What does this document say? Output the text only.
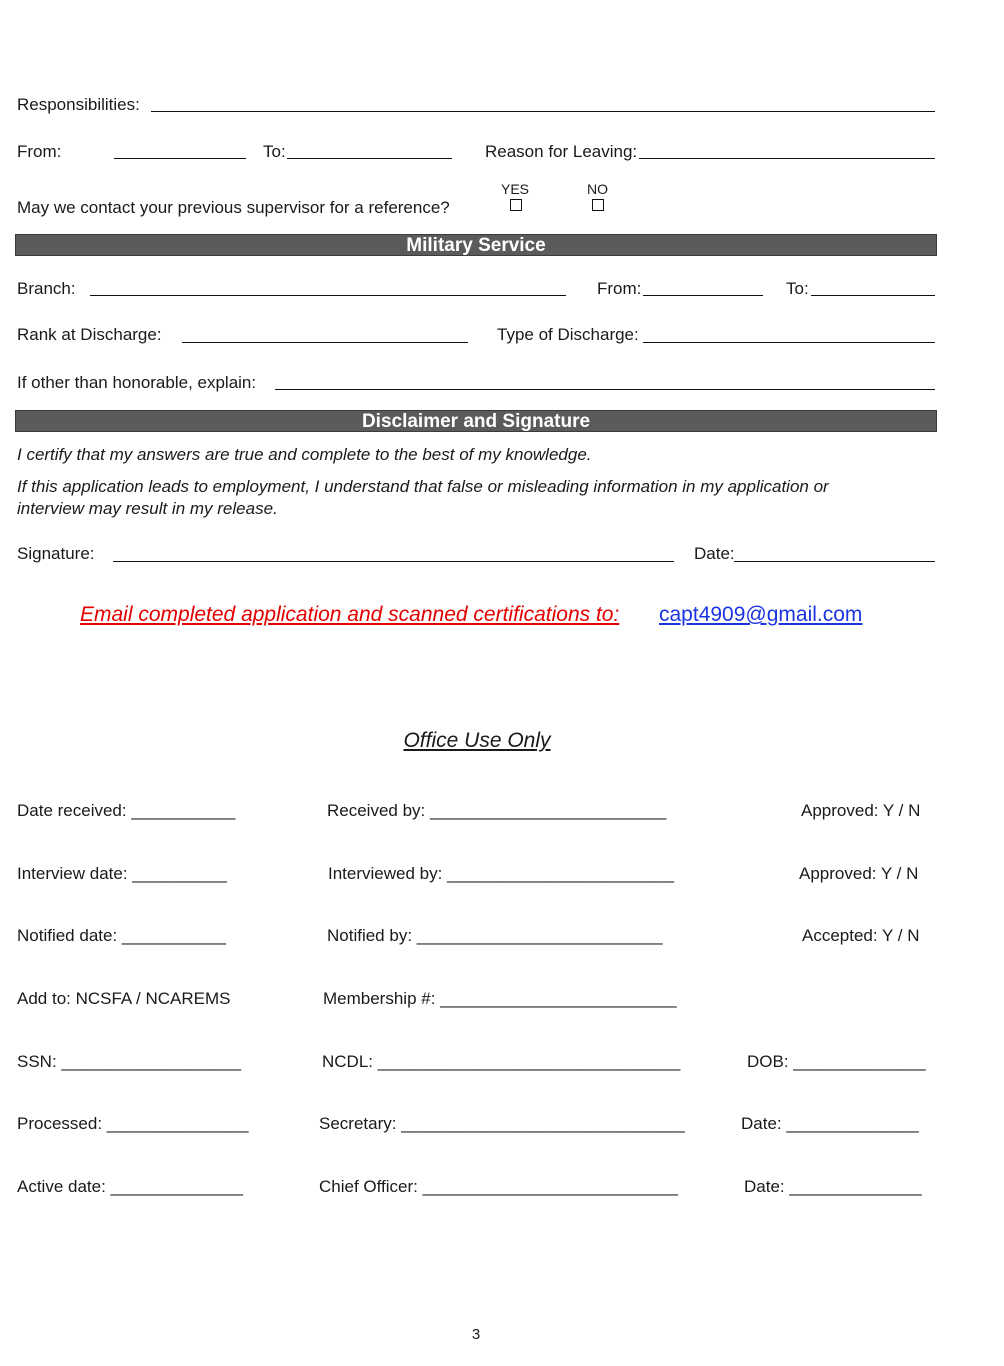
Responsibilities:
From:	To:	Reason for Leaving:
May we contact your previous supervisor for a reference?
YES	NO
Military Service
Branch:	From:	To:
Rank at Discharge:	Type of Discharge:
If other than honorable, explain:
Disclaimer and Signature
I certify that my answers are true and complete to the best of my knowledge.
If this application leads to employment, I understand that false or misleading information in my application or
interview may result in my release.
Signature:	Date:
Email completed application and scanned certifications to: capt4909@gmail.com
Office Use Only
Date received: ___________	Received by: _________________________	Approved: Y / N
Interview date: __________	Interviewed by: ________________________	Approved: Y / N
Notified date: ___________	Notified by: __________________________	Accepted: Y / N
Add to: NCSFA / NCAREMS	Membership #: _________________________
SSN: ___________________	NCDL: ________________________________	DOB: ______________
Processed: _______________	Secretary: ______________________________	Date: ______________
Active date: ______________	Chief Officer: ___________________________	Date: ______________
3
